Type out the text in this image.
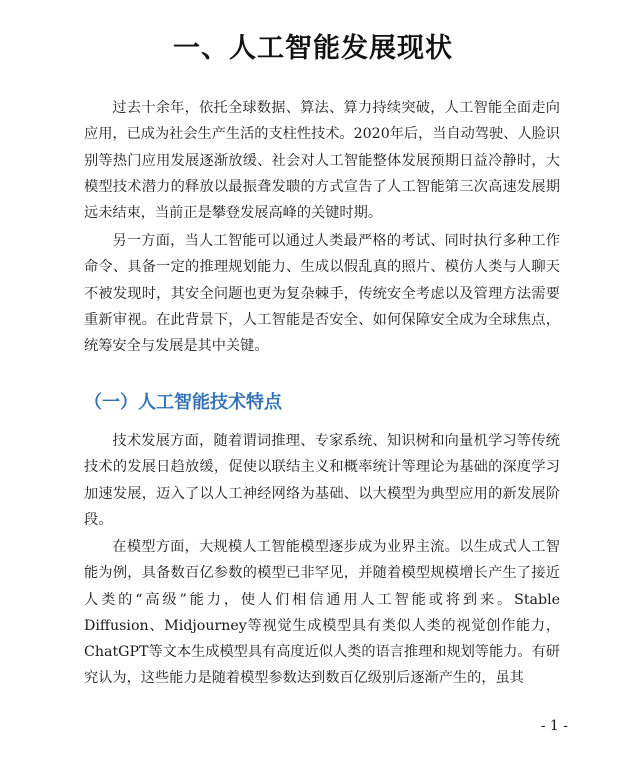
一、人工智能发展现状

过去十余年，依托全球数据、算法、算力持续突破，人工智能全面走向应用，已成为社会生产生活的支柱性技术。2020年后，当自动驾驶、人脸识别等热门应用发展逐渐放缓、社会对人工智能整体发展预期日益冷静时，大模型技术潜力的释放以最振聋发聩的方式宣告了人工智能第三次高速发展期远未结束，当前正是攀登发展高峰的关键时期。

另一方面，当人工智能可以通过人类最严格的考试、同时执行多种工作命令、具备一定的推理规划能力、生成以假乱真的照片、模仿人类与人聊天不被发现时，其安全问题也更为复杂棘手，传统安全考虑以及管理方法需要重新审视。在此背景下，人工智能是否安全、如何保障安全成为全球焦点，统筹安全与发展是其中关键。

（一）人工智能技术特点

技术发展方面，随着谓词推理、专家系统、知识树和向量机学习等传统技术的发展日趋放缓，促使以联结主义和概率统计等理论为基础的深度学习加速发展，迈入了以人工神经网络为基础、以大模型为典型应用的新发展阶段。

在模型方面，大规模人工智能模型逐步成为业界主流。以生成式人工智能为例，具备数百亿参数的模型已非罕见，并随着模型规模增长产生了接近人类的“高级”能力，使人们相信通用人工智能或将到来。Stable Diffusion、Midjourney等视觉生成模型具有类似人类的视觉创作能力，ChatGPT等文本生成模型具有高度近似人类的语言推理和规划等能力。有研究认为，这些能力是随着模型参数达到数百亿级别后逐渐产生的，虽其

- 1 -
